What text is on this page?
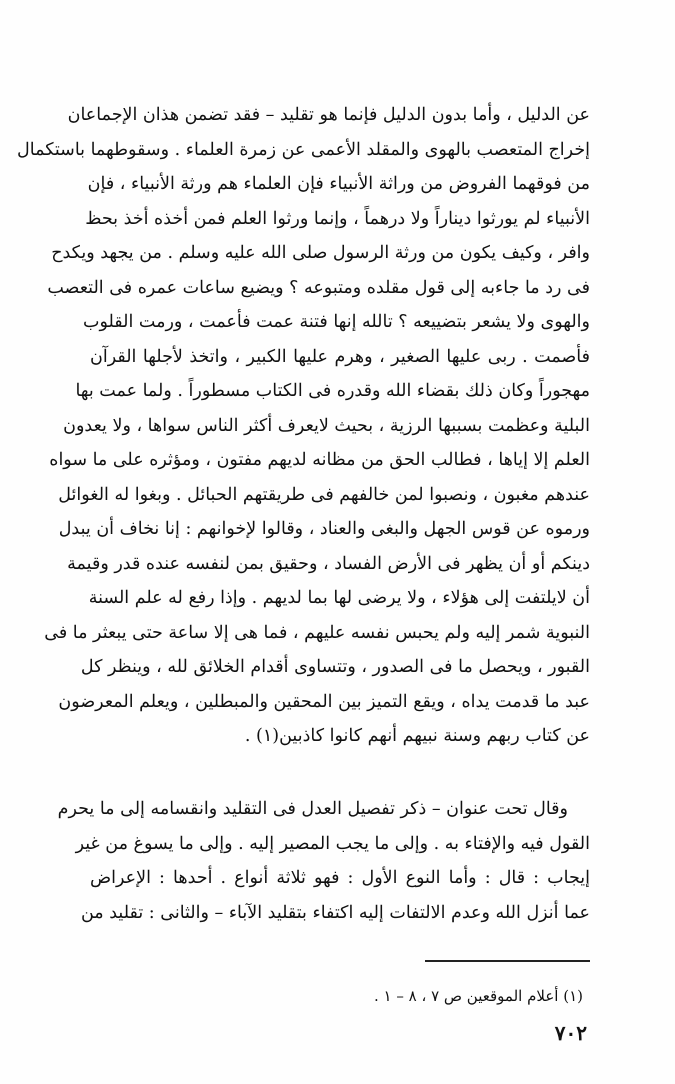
عن الدليل ، وأما بدون الدليل فإنما هو تقليد – فقد تضمن هذان الإجماعان
إخراج المتعصب بالهوى والمقلد الأعمى عن زمرة العلماء . وسقوطهما باستكمال
من فوقهما الفروض من وراثة الأنبياء فإن العلماء هم ورثة الأنبياء ، فإن
الأنبياء لم يورثوا ديناراً ولا درهماً ، وإنما ورثوا العلم فمن أخذه أخذ بحظ
وافر ، وكيف يكون من ورثة الرسول صلى الله عليه وسلم . من يجهد ويكدح
فى رد ما جاءبه إلى قول مقلده ومتبوعه ؟ ويضيع ساعات عمره فى التعصب
والهوى ولا يشعر بتضييعه ؟ تالله إنها فتنة عمت فأعمت ، ورمت القلوب
فأصمت . ربى عليها الصغير ، وهرم عليها الكبير ، واتخذ لأجلها القرآن
مهجوراً وكان ذلك بقضاء الله وقدره فى الكتاب مسطوراً . ولما عمت بها
البلية وعظمت بسببها الرزية ، بحيث لايعرف أكثر الناس سواها ، ولا يعدون
العلم إلا إياها ، فطالب الحق من مظانه لديهم مفتون ، ومؤثره على ما سواه
عندهم مغبون ، ونصبوا لمن خالفهم فى طريقتهم الحبائل . وبغوا له الغوائل
ورموه عن قوس الجهل والبغى والعناد ، وقالوا لإخوانهم : إنا نخاف أن يبدل
دينكم أو أن يظهر فى الأرض الفساد ، وحقيق بمن لنفسه عنده قدر وقيمة
أن لايلتفت إلى هؤلاء ، ولا يرضى لها بما لديهم . وإذا رفع له علم السنة
النبوية شمر إليه ولم يحبس نفسه عليهم ، فما هى إلا ساعة حتى يبعثر ما فى
القبور ، ويحصل ما فى الصدور ، وتتساوى أقدام الخلائق لله ، وينظر كل
عبد ما قدمت يداه ، ويقع التميز بين المحقين والمبطلين ، ويعلم المعرضون
عن كتاب ربهم وسنة نبيهم أنهم كانوا كاذبين(١) .
وقال تحت عنوان – ذكر تفصيل العدل فى التقليد وانقسامه إلى ما يحرم
القول فيه والإفتاء به . وإلى ما يجب المصير إليه . وإلى ما يسوغ من غير
إيجاب : قال : وأما النوع الأول : فهو ثلاثة أنواع . أحدها : الإعراض
عما أنزل الله وعدم الالتفات إليه اكتفاء بتقليد الآباء – والثانى : تقليد من
(١) أعلام الموقعين ص ٧ ، ٨ – ١ .
٧٠٢
